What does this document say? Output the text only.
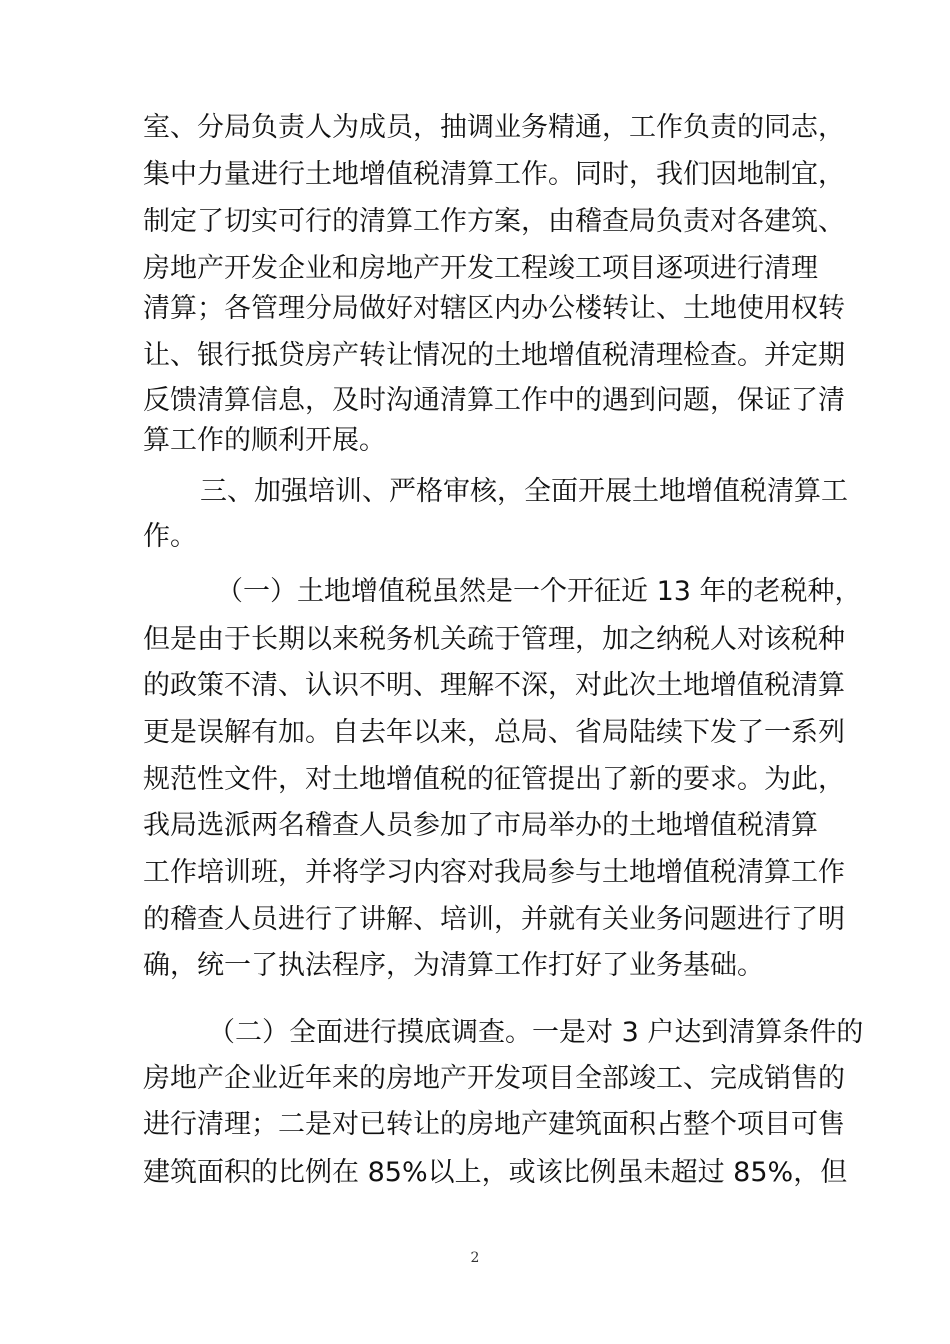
室、分局负责人为成员，抽调业务精通，工作负责的同志，
集中力量进行土地增值税清算工作。同时，我们因地制宜，
制定了切实可行的清算工作方案，由稽查局负责对各建筑、
房地产开发企业和房地产开发工程竣工项目逐项进行清理
清算；各管理分局做好对辖区内办公楼转让、土地使用权转
让、银行抵贷房产转让情况的土地增值税清理检查。并定期
反馈清算信息，及时沟通清算工作中的遇到问题，保证了清
算工作的顺利开展。
三、加强培训、严格审核，全面开展土地增值税清算工
作。
（一）土地增值税虽然是一个开征近 13 年的老税种，
但是由于长期以来税务机关疏于管理，加之纳税人对该税种
的政策不清、认识不明、理解不深，对此次土地增值税清算
更是误解有加。自去年以来，总局、省局陆续下发了一系列
规范性文件，对土地增值税的征管提出了新的要求。为此，
我局选派两名稽查人员参加了市局举办的土地增值税清算
工作培训班，并将学习内容对我局参与土地增值税清算工作
的稽查人员进行了讲解、培训，并就有关业务问题进行了明
确，统一了执法程序，为清算工作打好了业务基础。
（二）全面进行摸底调查。一是对 3 户达到清算条件的
房地产企业近年来的房地产开发项目全部竣工、完成销售的
进行清理；二是对已转让的房地产建筑面积占整个项目可售
建筑面积的比例在 85%以上，或该比例虽未超过 85%，但
2
